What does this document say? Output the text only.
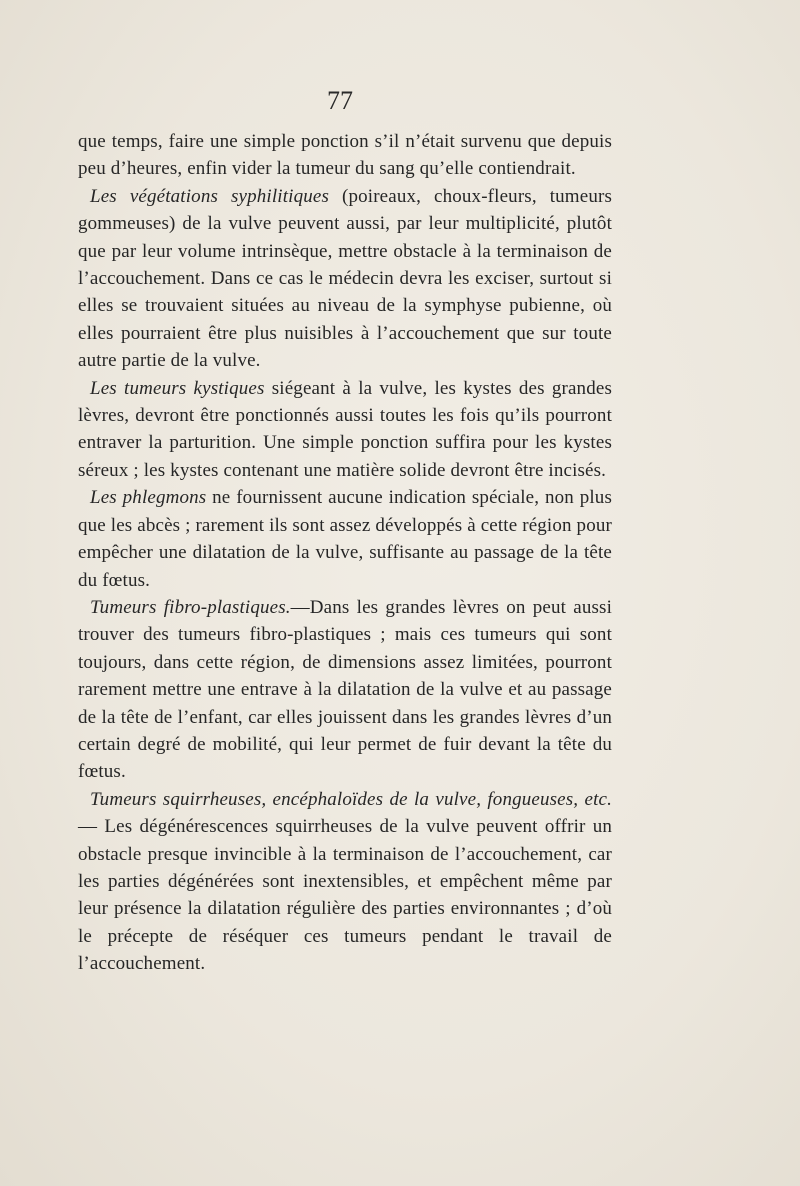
77

que temps, faire une simple ponction s’il n’était survenu que depuis peu d’heures, enfin vider la tumeur du sang qu’elle contiendrait.

Les végétations syphilitiques (poireaux, choux-fleurs, tumeurs gommeuses) de la vulve peuvent aussi, par leur multiplicité, plutôt que par leur volume intrinsèque, mettre obstacle à la terminaison de l’accouchement. Dans ce cas le médecin devra les exciser, surtout si elles se trouvaient situées au niveau de la symphyse pubienne, où elles pourraient être plus nuisibles à l’accouchement que sur toute autre partie de la vulve.

Les tumeurs kystiques siégeant à la vulve, les kystes des grandes lèvres, devront être ponctionnés aussi toutes les fois qu’ils pourront entraver la parturition. Une simple ponction suffira pour les kystes séreux ; les kystes contenant une matière solide devront être incisés.

Les phlegmons ne fournissent aucune indication spéciale, non plus que les abcès ; rarement ils sont assez développés à cette région pour empêcher une dilatation de la vulve, suffisante au passage de la tête du fœtus.

Tumeurs fibro-plastiques.—Dans les grandes lèvres on peut aussi trouver des tumeurs fibro-plastiques ; mais ces tumeurs qui sont toujours, dans cette région, de dimensions assez limitées, pourront rarement mettre une entrave à la dilatation de la vulve et au passage de la tête de l’enfant, car elles jouissent dans les grandes lèvres d’un certain degré de mobilité, qui leur permet de fuir devant la tête du fœtus.

Tumeurs squirrheuses, encéphaloïdes de la vulve, fongueuses, etc. — Les dégénérescences squirrheuses de la vulve peuvent offrir un obstacle presque invincible à la terminaison de l’accouchement, car les parties dégénérées sont inextensibles, et empêchent même par leur présence la dilatation régulière des parties environnantes ; d’où le précepte de réséquer ces tumeurs pendant le travail de l’accouchement.
